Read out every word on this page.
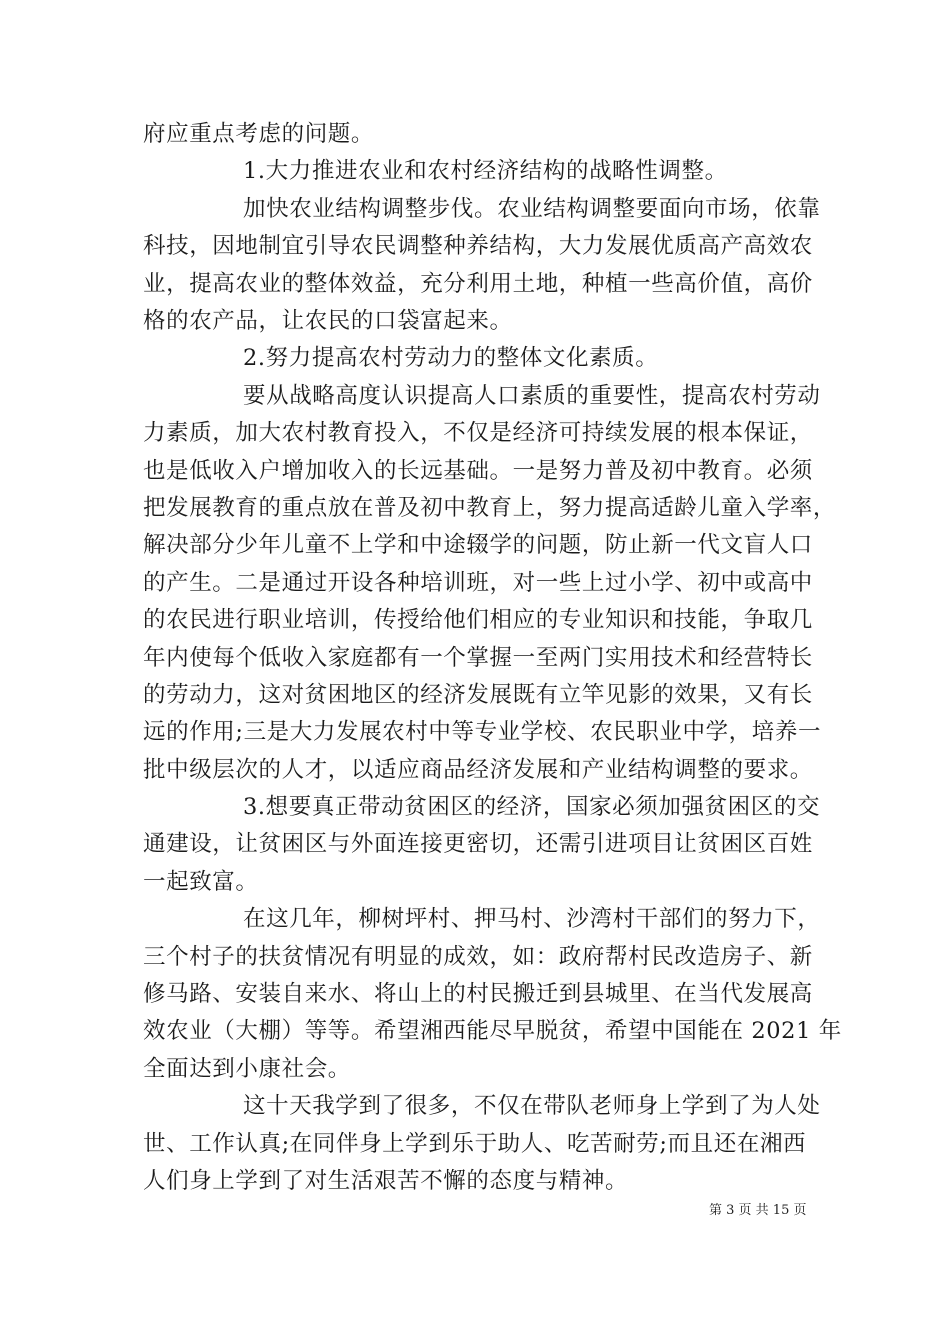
府应重点考虑的问题。
1.大力推进农业和农村经济结构的战略性调整。
加快农业结构调整步伐。农业结构调整要面向市场，依靠
科技，因地制宜引导农民调整种养结构，大力发展优质高产高效农
业，提高农业的整体效益，充分利用土地，种植一些高价值，高价
格的农产品，让农民的口袋富起来。
2.努力提高农村劳动力的整体文化素质。
要从战略高度认识提高人口素质的重要性，提高农村劳动
力素质，加大农村教育投入，不仅是经济可持续发展的根本保证，
也是低收入户增加收入的长远基础。一是努力普及初中教育。必须
把发展教育的重点放在普及初中教育上，努力提高适龄儿童入学率，
解决部分少年儿童不上学和中途辍学的问题，防止新一代文盲人口
的产生。二是通过开设各种培训班，对一些上过小学、初中或高中
的农民进行职业培训，传授给他们相应的专业知识和技能，争取几
年内使每个低收入家庭都有一个掌握一至两门实用技术和经营特长
的劳动力，这对贫困地区的经济发展既有立竿见影的效果，又有长
远的作用;三是大力发展农村中等专业学校、农民职业中学，培养一
批中级层次的人才，以适应商品经济发展和产业结构调整的要求。
3.想要真正带动贫困区的经济，国家必须加强贫困区的交
通建设，让贫困区与外面连接更密切，还需引进项目让贫困区百姓
一起致富。
在这几年，柳树坪村、押马村、沙湾村干部们的努力下，
三个村子的扶贫情况有明显的成效，如：政府帮村民改造房子、新
修马路、安装自来水、将山上的村民搬迁到县城里、在当代发展高
效农业（大棚）等等。希望湘西能尽早脱贫，希望中国能在 2021 年
全面达到小康社会。
这十天我学到了很多，不仅在带队老师身上学到了为人处
世、工作认真;在同伴身上学到乐于助人、吃苦耐劳;而且还在湘西
人们身上学到了对生活艰苦不懈的态度与精神。
第 3 页 共 15 页
